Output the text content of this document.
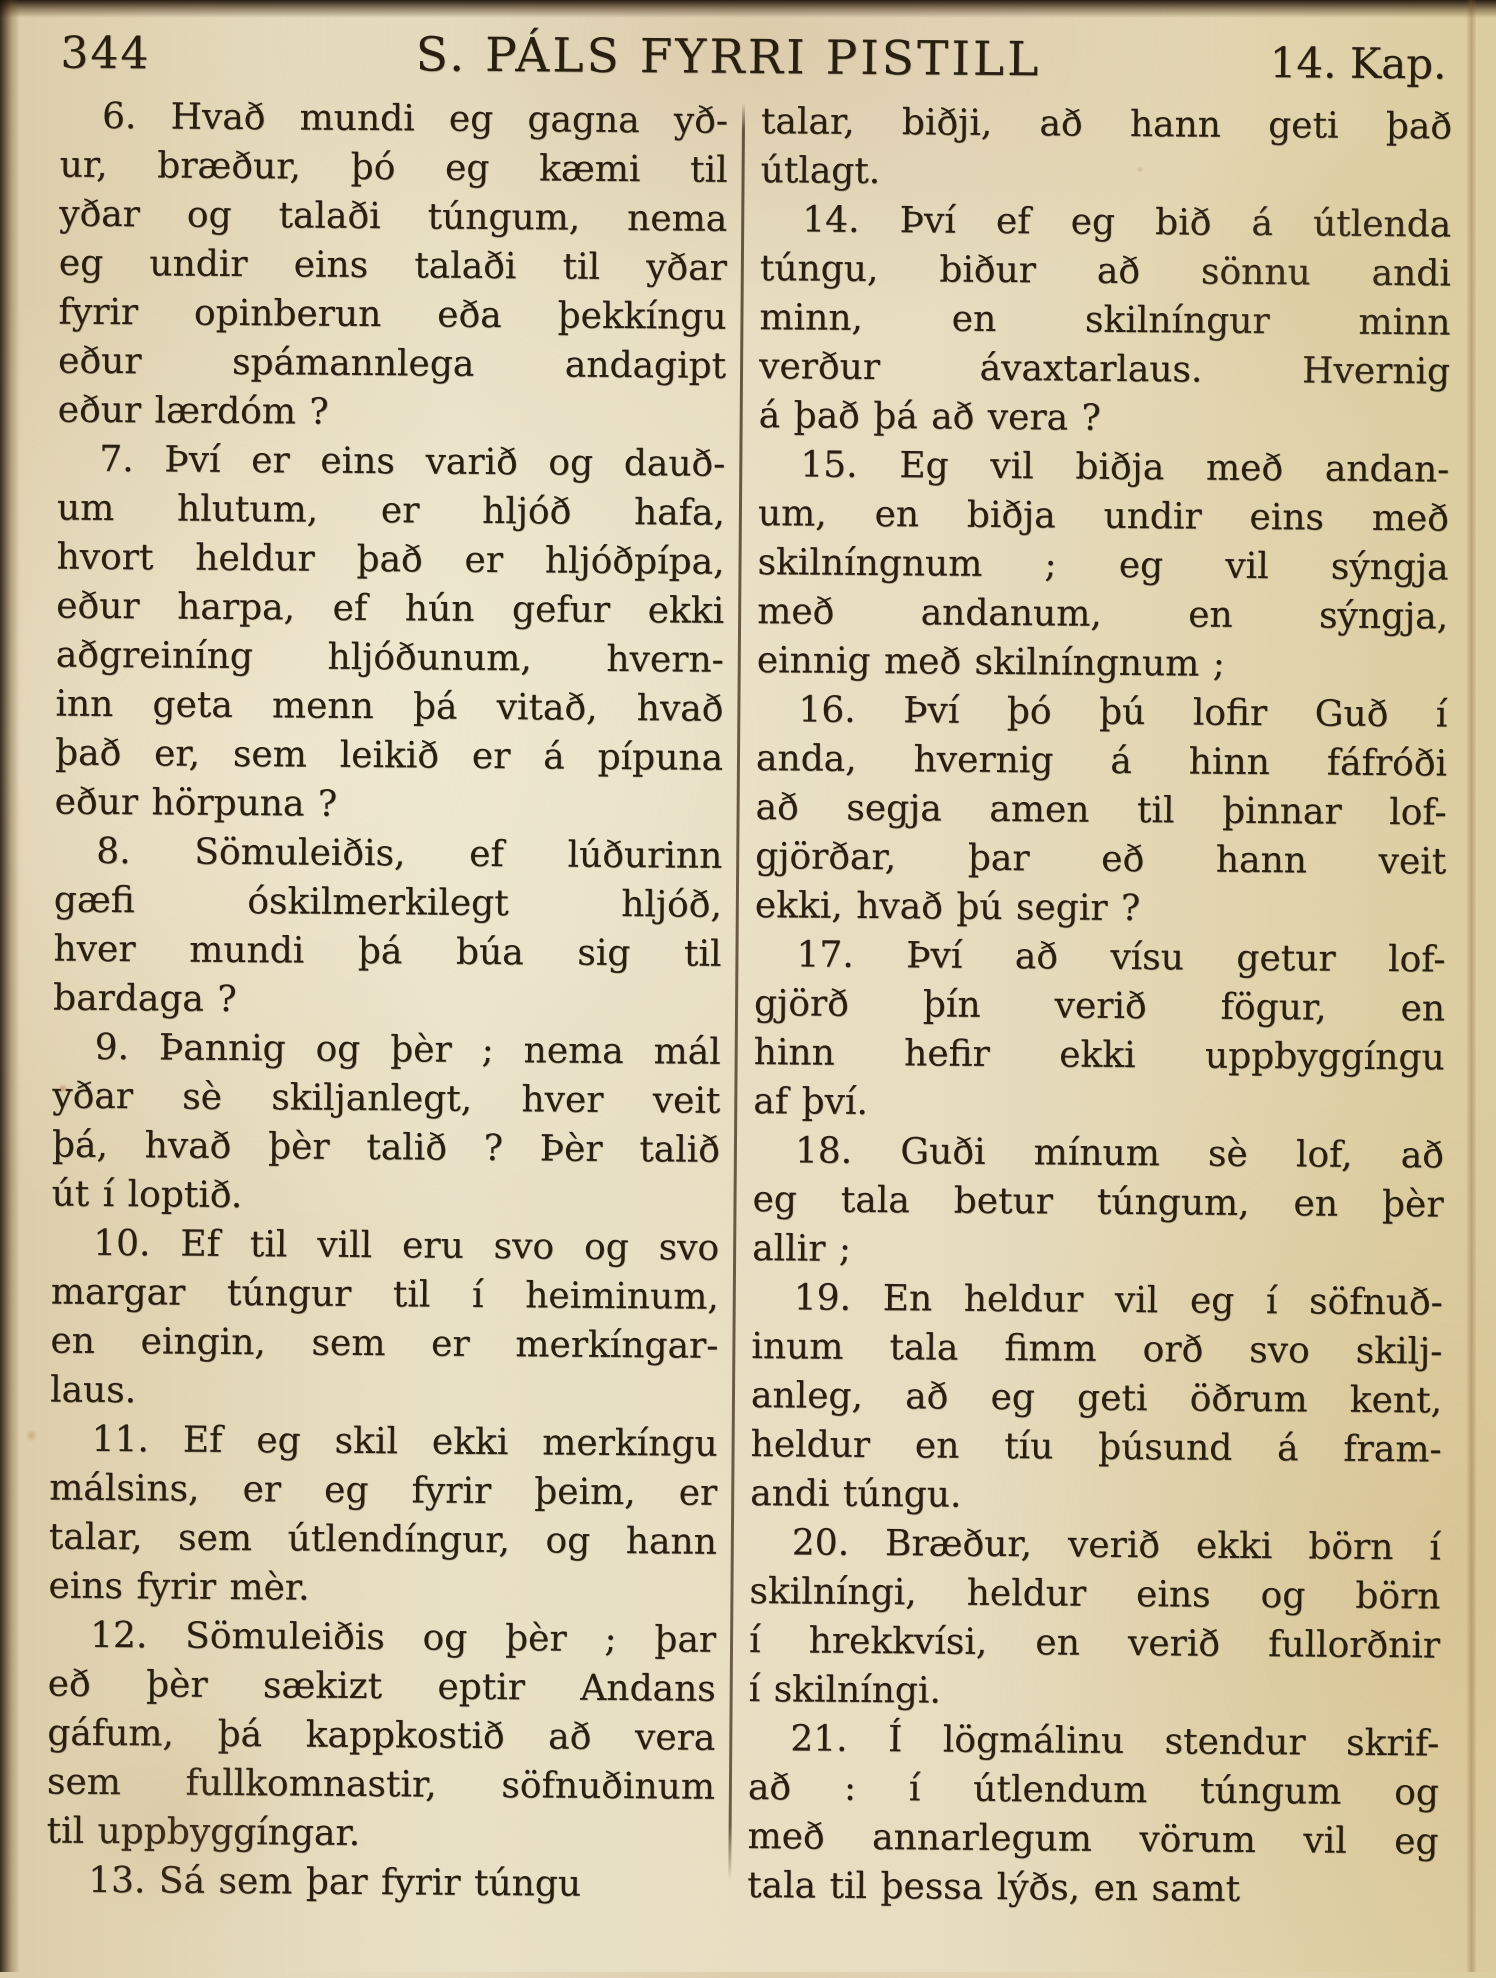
344	S. PÁLS FYRRI PISTILL	14. Kap.
6. Hvað mundi eg gagna yð-
ur, bræður, þó eg kæmi til
yðar og talaði túngum, nema
eg undir eins talaði til yðar
fyrir opinberun eða þekkíngu
eður spámannlega andagipt
eður lærdóm ?
7. Því er eins varið og dauð-
um hlutum, er hljóð hafa,
hvort heldur það er hljóðpípa,
eður harpa, ef hún gefur ekki
aðgreiníng hljóðunum, hvern-
inn geta menn þá vitað, hvað
það er, sem leikið er á pípuna
eður hörpuna ?
8. Sömuleiðis, ef lúðurinn
gæfi óskilmerkilegt hljóð,
hver mundi þá búa sig til
bardaga ?
9. Þannig og þèr ; nema mál
yðar sè skiljanlegt, hver veit
þá, hvað þèr talið ? Þèr talið
út í loptið.
10. Ef til vill eru svo og svo
margar túngur til í heiminum,
en eingin, sem er merkíngar-
laus.
11. Ef eg skil ekki merkíngu
málsins, er eg fyrir þeim, er
talar, sem útlendíngur, og hann
eins fyrir mèr.
12. Sömuleiðis og þèr ; þar
eð þèr sækizt eptir Andans
gáfum, þá kappkostið að vera
sem fullkomnastir, söfnuðinum
til uppbyggíngar.
13. Sá sem þar fyrir túngu
talar, biðji, að hann geti það
útlagt.
14. Því ef eg bið á útlenda
túngu, biður að sönnu andi
minn, en skilníngur minn
verður ávaxtarlaus. Hvernig
á það þá að vera ?
15. Eg vil biðja með andan-
um, en biðja undir eins með
skilníngnum ; eg vil sýngja
með andanum, en sýngja,
einnig með skilníngnum ;
16. Því þó þú lofir Guð í
anda, hvernig á hinn fáfróði
að segja amen til þinnar lof-
gjörðar, þar eð hann veit
ekki, hvað þú segir ?
17. Því að vísu getur lof-
gjörð þín verið fögur, en
hinn hefir ekki uppbyggíngu
af því.
18. Guði mínum sè lof, að
eg tala betur túngum, en þèr
allir ;
19. En heldur vil eg í söfnuð-
inum tala fimm orð svo skilj-
anleg, að eg geti öðrum kent,
heldur en tíu þúsund á fram-
andi túngu.
20. Bræður, verið ekki börn í
skilníngi, heldur eins og börn
í hrekkvísi, en verið fullorðnir
í skilníngi.
21. Í lögmálinu stendur skrif-
að : í útlendum túngum og
með annarlegum vörum vil eg
tala til þessa lýðs, en samt
